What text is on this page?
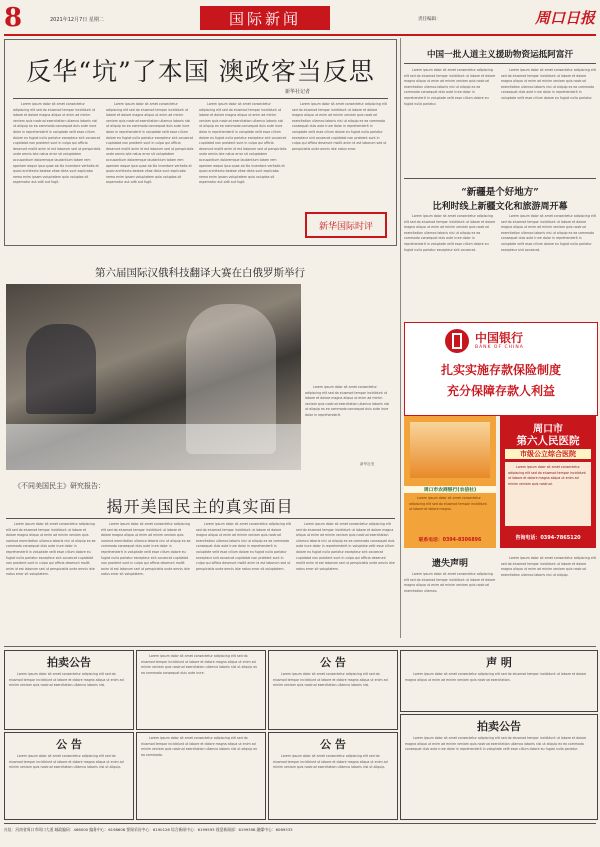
8	2021年12月7日 星期二	国际新闻	责任编辑：	周口日报
反华“坑”了本国 澳政客当反思
新华社记者

Lorem ipsum dolor sit amet consectetur adipiscing elit sed do eiusmod tempor incididunt ut labore et dolore magna aliqua ut enim ad minim veniam quis nostrud exercitation ullamco laboris nisi ut aliquip ex ea commodo consequat duis aute irure dolor in reprehenderit in voluptate velit esse cillum dolore eu fugiat nulla pariatur excepteur sint occaecat cupidatat non proident sunt in culpa qui officia deserunt mollit anim id est laborum sed ut perspiciatis unde omnis iste natus error sit voluptatem accusantium doloremque laudantium totam rem aperiam eaque ipsa quae ab illo inventore veritatis et quasi architecto beatae vitae dicta sunt explicabo nemo enim ipsam voluptatem quia voluptas sit aspernatur aut odit aut fugit.

Lorem ipsum dolor sit amet consectetur adipiscing elit sed do eiusmod tempor incididunt ut labore et dolore magna aliqua ut enim ad minim veniam quis nostrud exercitation ullamco laboris nisi ut aliquip ex ea commodo consequat duis aute irure dolor in reprehenderit in voluptate velit esse cillum dolore eu fugiat nulla pariatur excepteur sint occaecat cupidatat non proident sunt in culpa qui officia deserunt mollit anim id est laborum sed ut perspiciatis unde omnis iste natus error sit voluptatem accusantium doloremque laudantium totam rem aperiam eaque ipsa quae ab illo inventore veritatis et quasi architecto beatae vitae dicta sunt explicabo nemo enim ipsam voluptatem quia voluptas sit aspernatur aut odit aut fugit.

Lorem ipsum dolor sit amet consectetur adipiscing elit sed do eiusmod tempor incididunt ut labore et dolore magna aliqua ut enim ad minim veniam quis nostrud exercitation ullamco laboris nisi ut aliquip ex ea commodo consequat duis aute irure dolor in reprehenderit in voluptate velit esse cillum dolore eu fugiat nulla pariatur excepteur sint occaecat cupidatat non proident sunt in culpa qui officia deserunt mollit anim id est laborum sed ut perspiciatis unde omnis iste natus error sit voluptatem accusantium doloremque laudantium totam rem aperiam eaque ipsa quae ab illo inventore veritatis et quasi architecto beatae vitae dicta sunt explicabo nemo enim ipsam voluptatem quia voluptas sit aspernatur aut odit aut fugit.

Lorem ipsum dolor sit amet consectetur adipiscing elit sed do eiusmod tempor incididunt ut labore et dolore magna aliqua ut enim ad minim veniam quis nostrud exercitation ullamco laboris nisi ut aliquip ex ea commodo consequat duis aute irure dolor in reprehenderit in voluptate velit esse cillum dolore eu fugiat nulla pariatur excepteur sint occaecat cupidatat non proident sunt in culpa qui officia deserunt mollit anim id est laborum sed ut perspiciatis unde omnis iste natus error.

新华国际时评
第六届国际汉俄科技翻译大赛在白俄罗斯举行

Lorem ipsum dolor sit amet consectetur adipiscing elit sed do eiusmod tempor incididunt ut labore et dolore magna aliqua ut enim ad minim veniam quis nostrud exercitation ullamco laboris nisi ut aliquip ex ea commodo consequat duis aute irure dolor in reprehenderit.

新华社发
《不同美国民主》研究报告：
揭开美国民主的真实面目

Lorem ipsum dolor sit amet consectetur adipiscing elit sed do eiusmod tempor incididunt ut labore et dolore magna aliqua ut enim ad minim veniam quis nostrud exercitation ullamco laboris nisi ut aliquip ex ea commodo consequat duis aute irure dolor in reprehenderit in voluptate velit esse cillum dolore eu fugiat nulla pariatur excepteur sint occaecat cupidatat non proident sunt in culpa qui officia deserunt mollit anim id est laborum sed ut perspiciatis unde omnis iste natus error sit voluptatem.

Lorem ipsum dolor sit amet consectetur adipiscing elit sed do eiusmod tempor incididunt ut labore et dolore magna aliqua ut enim ad minim veniam quis nostrud exercitation ullamco laboris nisi ut aliquip ex ea commodo consequat duis aute irure dolor in reprehenderit in voluptate velit esse cillum dolore eu fugiat nulla pariatur excepteur sint occaecat cupidatat non proident sunt in culpa qui officia deserunt mollit anim id est laborum sed ut perspiciatis unde omnis iste natus error sit voluptatem.

Lorem ipsum dolor sit amet consectetur adipiscing elit sed do eiusmod tempor incididunt ut labore et dolore magna aliqua ut enim ad minim veniam quis nostrud exercitation ullamco laboris nisi ut aliquip ex ea commodo consequat duis aute irure dolor in reprehenderit in voluptate velit esse cillum dolore eu fugiat nulla pariatur excepteur sint occaecat cupidatat non proident sunt in culpa qui officia deserunt mollit anim id est laborum sed ut perspiciatis unde omnis iste natus error sit voluptatem.

Lorem ipsum dolor sit amet consectetur adipiscing elit sed do eiusmod tempor incididunt ut labore et dolore magna aliqua ut enim ad minim veniam quis nostrud exercitation ullamco laboris nisi ut aliquip ex ea commodo consequat duis aute irure dolor in reprehenderit in voluptate velit esse cillum dolore eu fugiat nulla pariatur excepteur sint occaecat cupidatat non proident sunt in culpa qui officia deserunt mollit anim id est laborum sed ut perspiciatis unde omnis iste natus error sit voluptatem.

中国一批人道主义援助物资运抵阿富汗

Lorem ipsum dolor sit amet consectetur adipiscing elit sed do eiusmod tempor incididunt ut labore et dolore magna aliqua ut enim ad minim veniam quis nostrud exercitation ullamco laboris nisi ut aliquip ex ea commodo consequat duis aute irure dolor in reprehenderit in voluptate velit esse cillum dolore eu fugiat nulla pariatur.

Lorem ipsum dolor sit amet consectetur adipiscing elit sed do eiusmod tempor incididunt ut labore et dolore magna aliqua ut enim ad minim veniam quis nostrud exercitation ullamco laboris nisi ut aliquip ex ea commodo consequat duis aute irure dolor in reprehenderit in voluptate velit esse cillum dolore eu fugiat nulla pariatur.

“新疆是个好地方”
比利时线上新疆文化和旅游周开幕

Lorem ipsum dolor sit amet consectetur adipiscing elit sed do eiusmod tempor incididunt ut labore et dolore magna aliqua ut enim ad minim veniam quis nostrud exercitation ullamco laboris nisi ut aliquip ex ea commodo consequat duis aute irure dolor in reprehenderit in voluptate velit esse cillum dolore eu fugiat nulla pariatur excepteur sint occaecat.

Lorem ipsum dolor sit amet consectetur adipiscing elit sed do eiusmod tempor incididunt ut labore et dolore magna aliqua ut enim ad minim veniam quis nostrud exercitation ullamco laboris nisi ut aliquip ex ea commodo consequat duis aute irure dolor in reprehenderit in voluptate velit esse cillum dolore eu fugiat nulla pariatur excepteur sint occaecat.

中国银行
BANK OF CHINA
扎实实施存款保险制度
充分保障存款人利益
周口市农商银行(农信社)

Lorem ipsum dolor sit amet consectetur adipiscing elit sed do eiusmod tempor incididunt ut labore et dolore magna.

联系电话：0394-8306896
周口市
第六人民医院
市级公立综合医院

Lorem ipsum dolor sit amet consectetur adipiscing elit sed do eiusmod tempor incididunt ut labore et dolore magna aliqua ut enim ad minim veniam quis nostrud.

咨询电话：0394-7865120
遗失声明

Lorem ipsum dolor sit amet consectetur adipiscing elit sed do eiusmod tempor incididunt ut labore et dolore magna aliqua ut enim ad minim veniam quis nostrud exercitation ullamco.

Lorem ipsum dolor sit amet consectetur adipiscing elit sed do eiusmod tempor incididunt ut labore et dolore magna aliqua ut enim ad minim veniam quis nostrud exercitation ullamco laboris nisi ut aliquip.

拍卖公告

Lorem ipsum dolor sit amet consectetur adipiscing elit sed do eiusmod tempor incididunt ut labore et dolore magna aliqua ut enim ad minim veniam quis nostrud exercitation ullamco laboris nisi.

Lorem ipsum dolor sit amet consectetur adipiscing elit sed do eiusmod tempor incididunt ut labore et dolore magna aliqua ut enim ad minim veniam quis nostrud exercitation ullamco laboris nisi ut aliquip ex ea commodo consequat duis aute irure.

公 告

Lorem ipsum dolor sit amet consectetur adipiscing elit sed do eiusmod tempor incididunt ut labore et dolore magna aliqua ut enim ad minim veniam quis nostrud exercitation ullamco laboris nisi.

声 明

Lorem ipsum dolor sit amet consectetur adipiscing elit sed do eiusmod tempor incididunt ut labore et dolore magna aliqua ut enim ad minim veniam quis nostrud exercitation.

公 告

Lorem ipsum dolor sit amet consectetur adipiscing elit sed do eiusmod tempor incididunt ut labore et dolore magna aliqua ut enim ad minim veniam quis nostrud exercitation ullamco laboris nisi ut aliquip.

Lorem ipsum dolor sit amet consectetur adipiscing elit sed do eiusmod tempor incididunt ut labore et dolore magna aliqua ut enim ad minim veniam quis nostrud exercitation ullamco laboris nisi ut aliquip ex ea commodo.

公 告

Lorem ipsum dolor sit amet consectetur adipiscing elit sed do eiusmod tempor incididunt ut labore et dolore magna aliqua ut enim ad minim veniam quis nostrud exercitation ullamco laboris nisi ut aliquip.

拍卖公告

Lorem ipsum dolor sit amet consectetur adipiscing elit sed do eiusmod tempor incididunt ut labore et dolore magna aliqua ut enim ad minim veniam quis nostrud exercitation ullamco laboris nisi ut aliquip ex ea commodo consequat duis aute irure dolor in reprehenderit in voluptate velit esse cillum dolore eu fugiat nulla pariatur.

社址：河南省周口市周口大道 邮政编码：466000 编务中心：6198608 要闻采访中心：6190126 综合新闻中心：6199593 视觉新闻部：6199398 融媒中心：6069333
